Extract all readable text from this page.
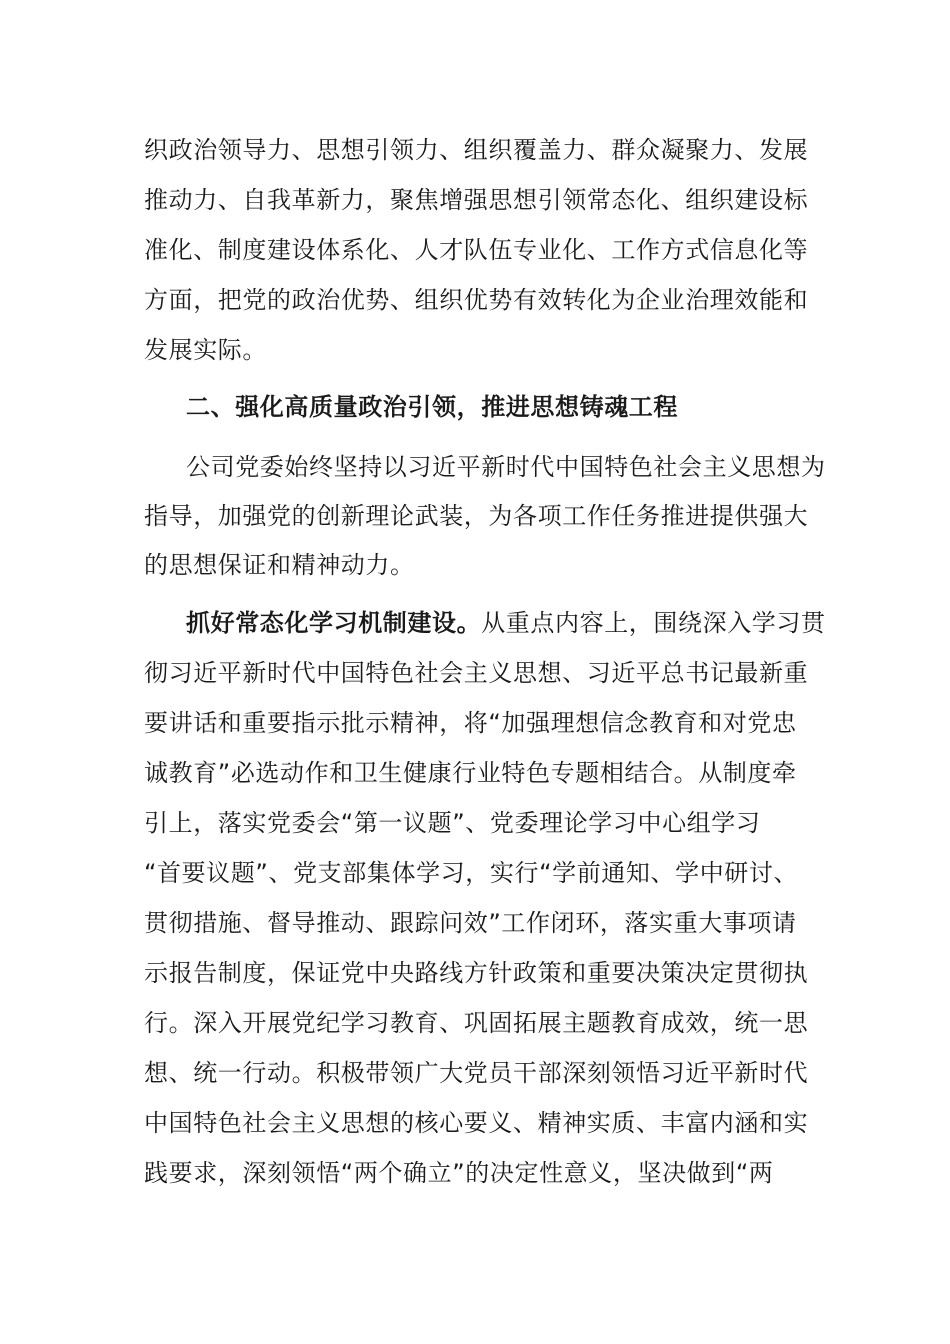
织政治领导力、思想引领力、组织覆盖力、群众凝聚力、发展
推动力、自我革新力，聚焦增强思想引领常态化、组织建设标
准化、制度建设体系化、人才队伍专业化、工作方式信息化等
方面，把党的政治优势、组织优势有效转化为企业治理效能和
发展实际。
二、强化高质量政治引领，推进思想铸魂工程
公司党委始终坚持以习近平新时代中国特色社会主义思想为
指导，加强党的创新理论武装，为各项工作任务推进提供强大
的思想保证和精神动力。
抓好常态化学习机制建设。从重点内容上，围绕深入学习贯
彻习近平新时代中国特色社会主义思想、习近平总书记最新重
要讲话和重要指示批示精神，将“加强理想信念教育和对党忠
诚教育”必选动作和卫生健康行业特色专题相结合。从制度牵
引上，落实党委会“第一议题”、党委理论学习中心组学习
“首要议题”、党支部集体学习，实行“学前通知、学中研讨、
贯彻措施、督导推动、跟踪问效”工作闭环，落实重大事项请
示报告制度，保证党中央路线方针政策和重要决策决定贯彻执
行。深入开展党纪学习教育、巩固拓展主题教育成效，统一思
想、统一行动。积极带领广大党员干部深刻领悟习近平新时代
中国特色社会主义思想的核心要义、精神实质、丰富内涵和实
践要求，深刻领悟“两个确立”的决定性意义，坚决做到“两
